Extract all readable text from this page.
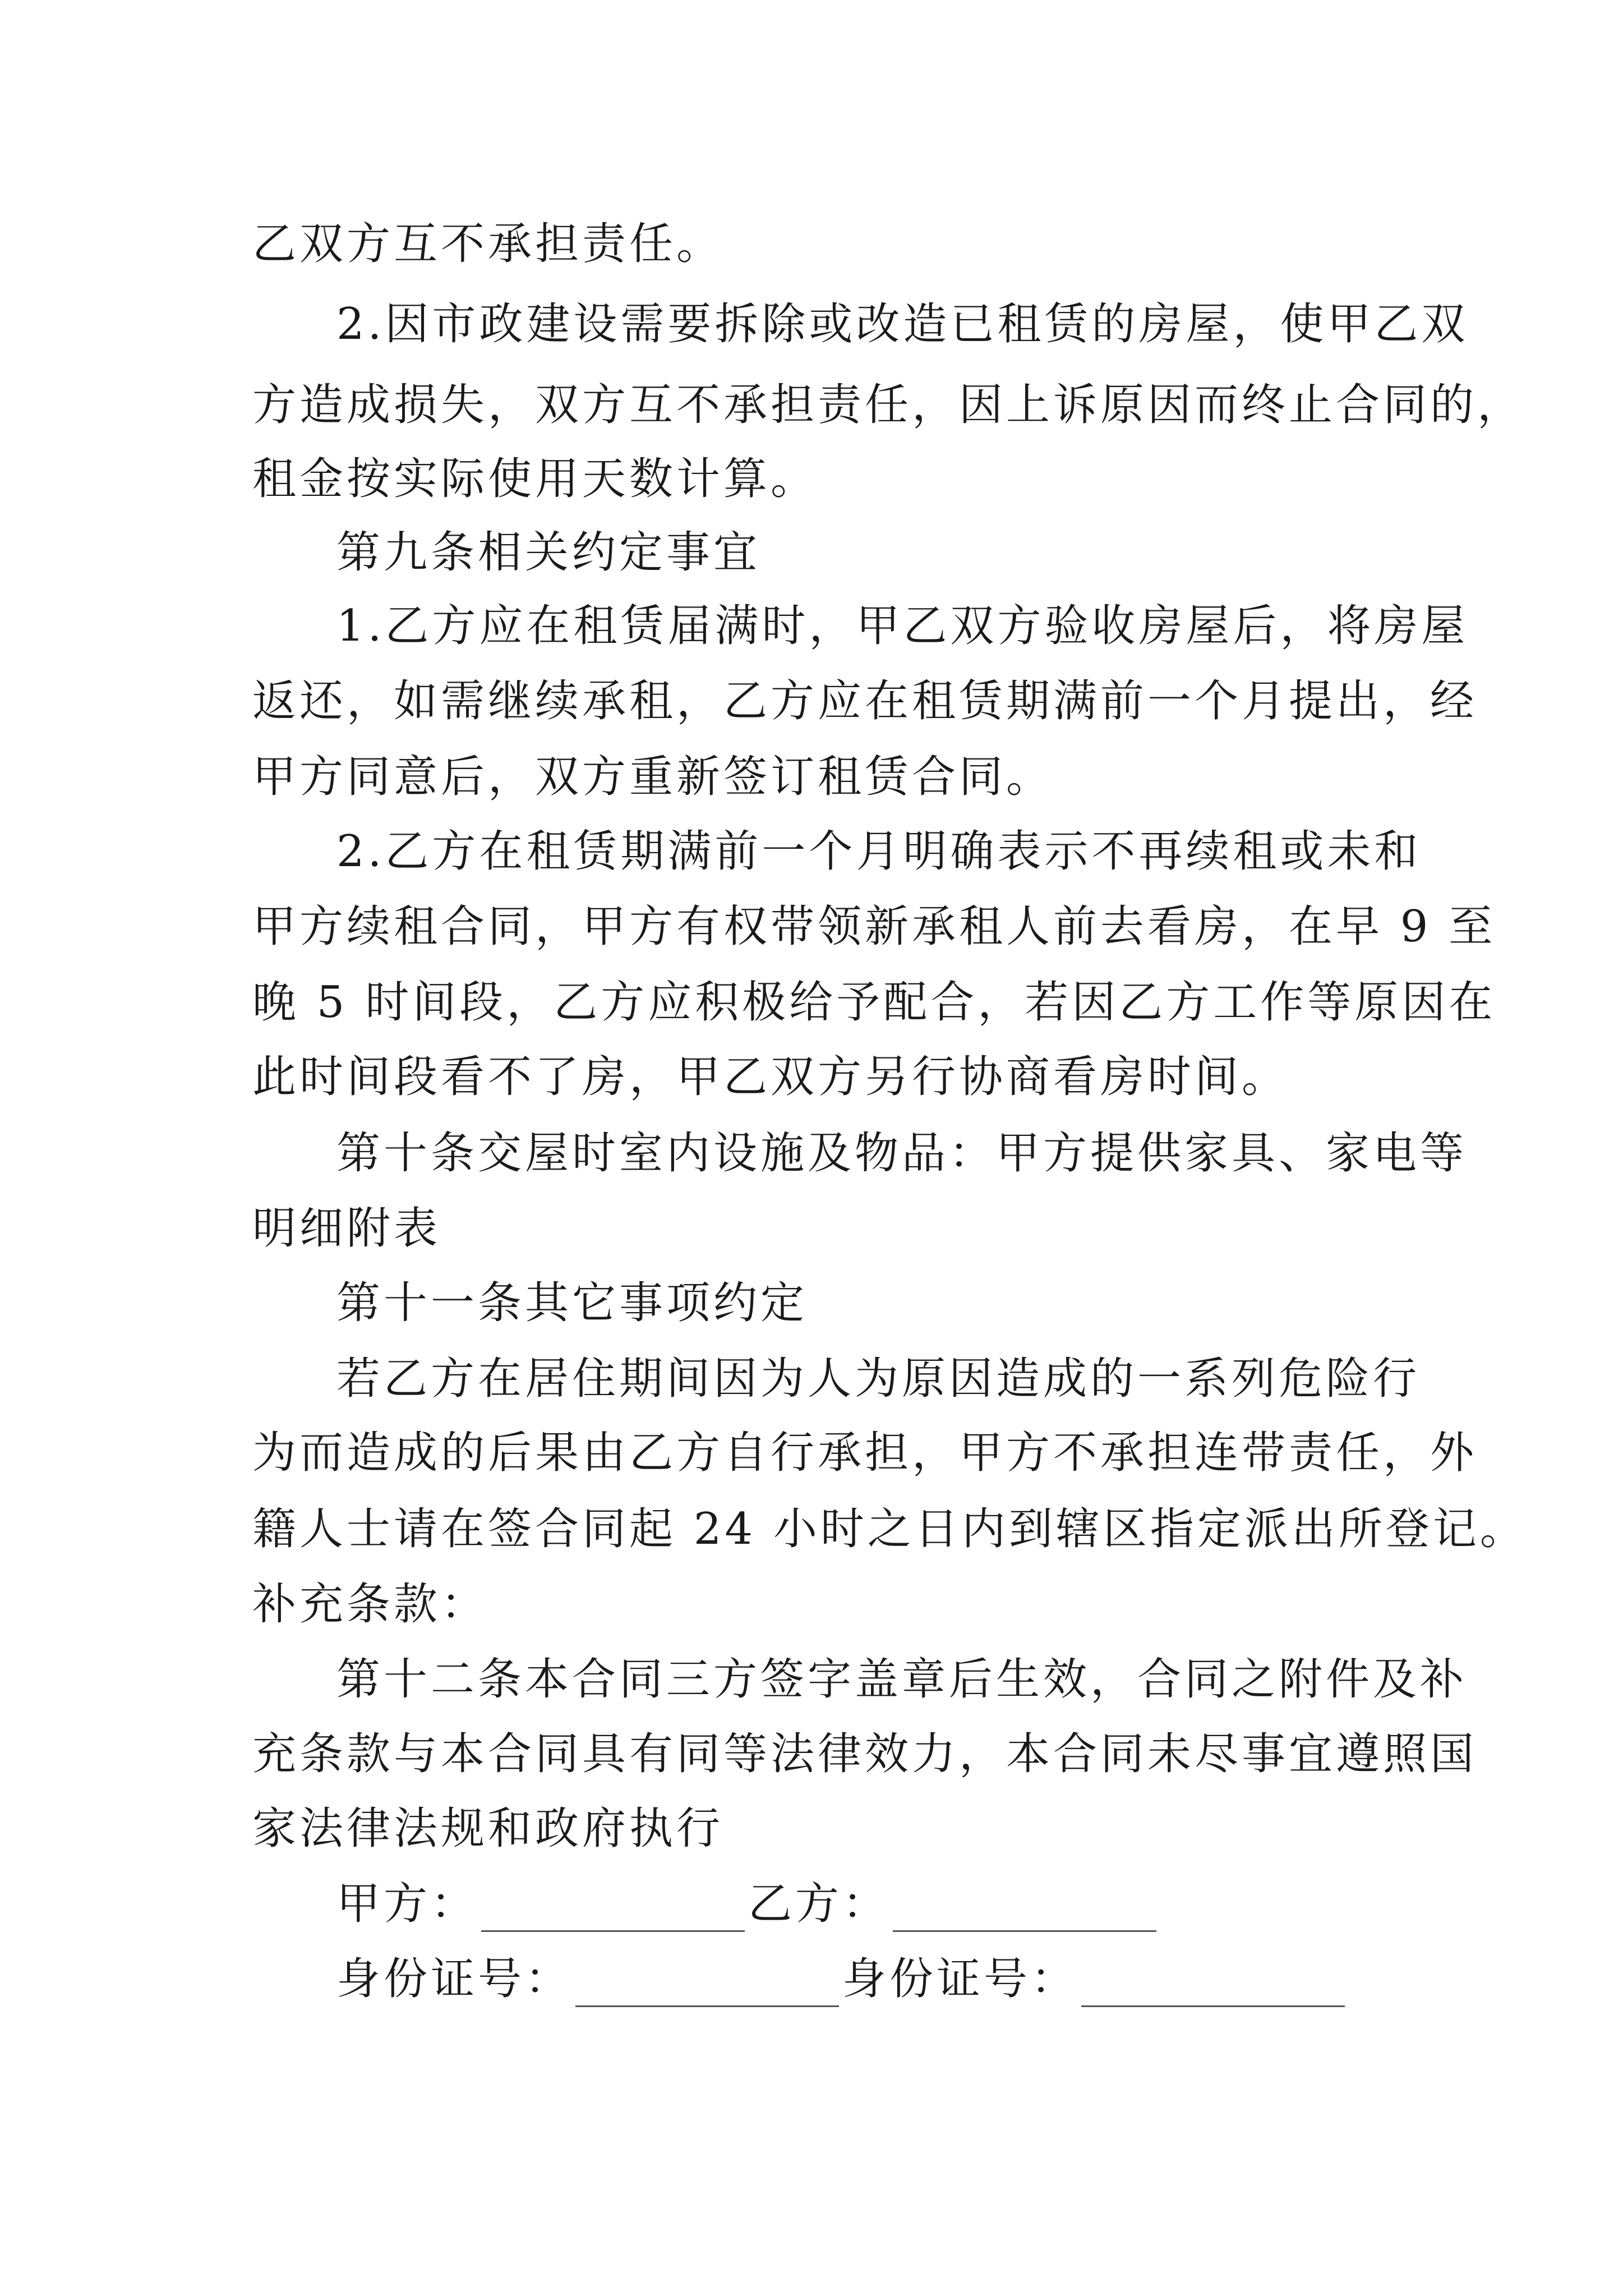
乙双方互不承担责任。
2.因市政建设需要拆除或改造已租赁的房屋，使甲乙双
方造成损失，双方互不承担责任，因上诉原因而终止合同的，
租金按实际使用天数计算。
第九条相关约定事宜
1.乙方应在租赁届满时，甲乙双方验收房屋后，将房屋
返还，如需继续承租，乙方应在租赁期满前一个月提出，经
甲方同意后，双方重新签订租赁合同。
2.乙方在租赁期满前一个月明确表示不再续租或未和
甲方续租合同，甲方有权带领新承租人前去看房，在早 9 至
晚 5 时间段，乙方应积极给予配合，若因乙方工作等原因在
此时间段看不了房，甲乙双方另行协商看房时间。
第十条交屋时室内设施及物品：甲方提供家具、家电等
明细附表
第十一条其它事项约定
若乙方在居住期间因为人为原因造成的一系列危险行
为而造成的后果由乙方自行承担，甲方不承担连带责任，外
籍人士请在签合同起 24 小时之日内到辖区指定派出所登记。
补充条款：
第十二条本合同三方签字盖章后生效，合同之附件及补
充条款与本合同具有同等法律效力，本合同未尽事宜遵照国
家法律法规和政府执行
甲方：	乙方：
身份证号：	身份证号：
